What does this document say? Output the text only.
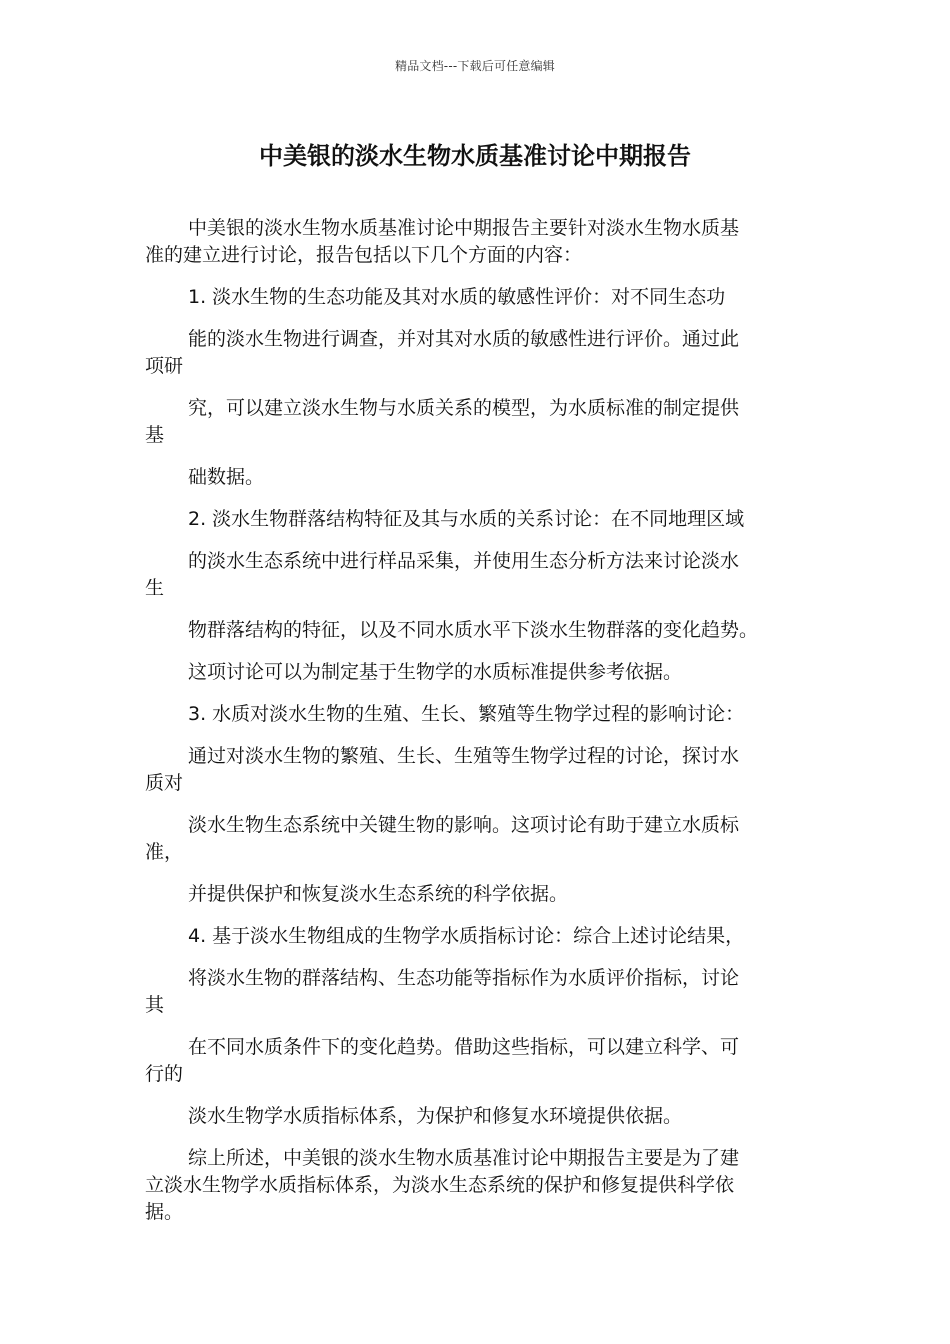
精品文档---下载后可任意编辑
中美银的淡水生物水质基准讨论中期报告
中美银的淡水生物水质基准讨论中期报告主要针对淡水生物水质基
准的建立进行讨论，报告包括以下几个方面的内容：
1. 淡水生物的生态功能及其对水质的敏感性评价：对不同生态功
能的淡水生物进行调查，并对其对水质的敏感性进行评价。通过此
项研
究，可以建立淡水生物与水质关系的模型，为水质标准的制定提供
基
础数据。
2. 淡水生物群落结构特征及其与水质的关系讨论：在不同地理区域
的淡水生态系统中进行样品采集，并使用生态分析方法来讨论淡水
生
物群落结构的特征，以及不同水质水平下淡水生物群落的变化趋势。
这项讨论可以为制定基于生物学的水质标准提供参考依据。
3. 水质对淡水生物的生殖、生长、繁殖等生物学过程的影响讨论：
通过对淡水生物的繁殖、生长、生殖等生物学过程的讨论，探讨水
质对
淡水生物生态系统中关键生物的影响。这项讨论有助于建立水质标
准，
并提供保护和恢复淡水生态系统的科学依据。
4. 基于淡水生物组成的生物学水质指标讨论：综合上述讨论结果，
将淡水生物的群落结构、生态功能等指标作为水质评价指标，讨论
其
在不同水质条件下的变化趋势。借助这些指标，可以建立科学、可
行的
淡水生物学水质指标体系，为保护和修复水环境提供依据。
综上所述，中美银的淡水生物水质基准讨论中期报告主要是为了建
立淡水生物学水质指标体系，为淡水生态系统的保护和修复提供科学依
据。
